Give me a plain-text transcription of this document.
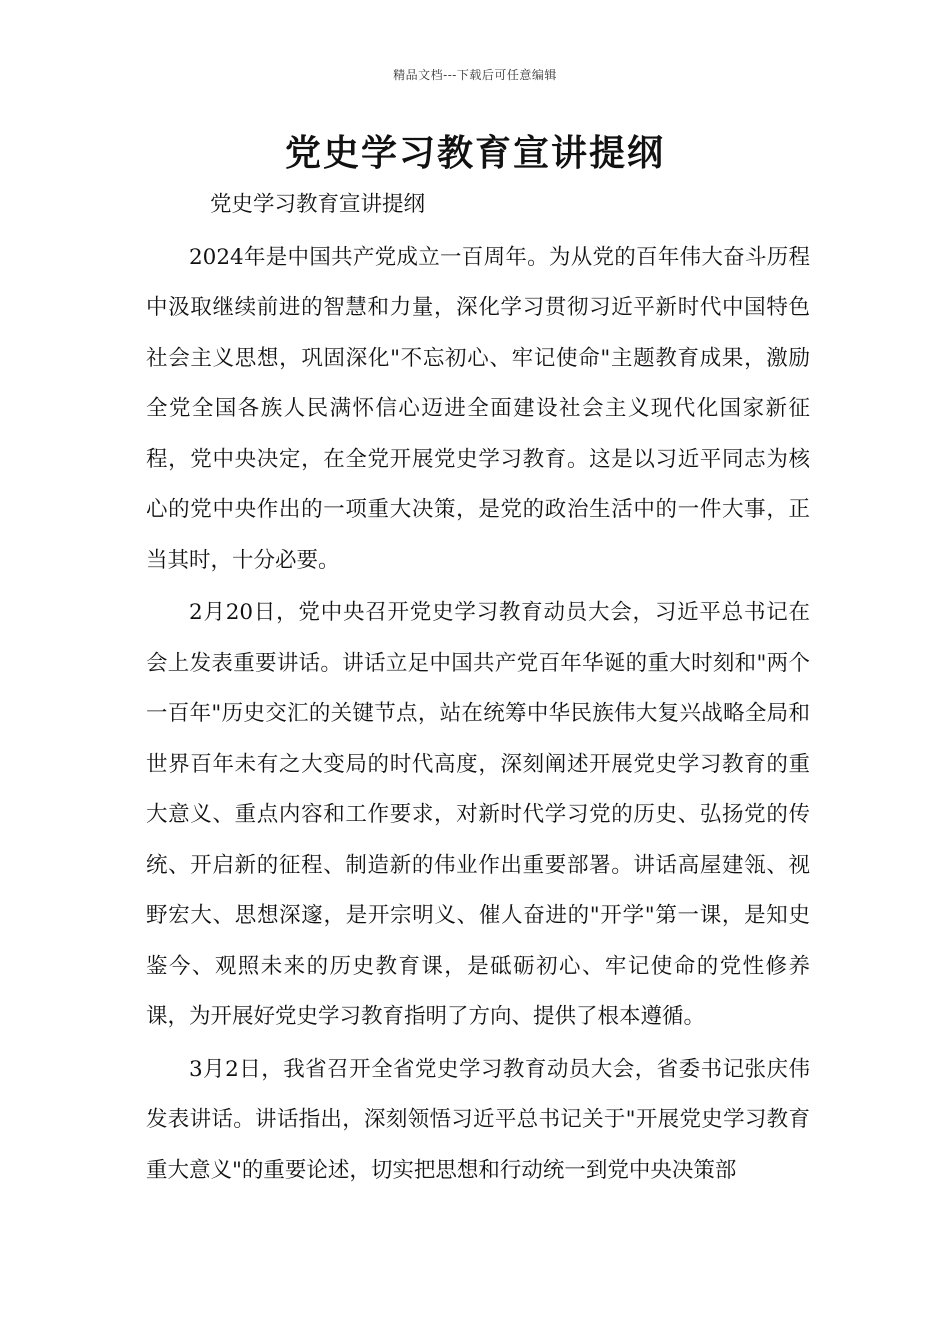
精品文档---下载后可任意编辑
党史学习教育宣讲提纲

党史学习教育宣讲提纲

2024年是中国共产党成立一百周年。为从党的百年伟大奋斗历程中汲取继续前进的智慧和力量，深化学习贯彻习近平新时代中国特色社会主义思想，巩固深化"不忘初心、牢记使命"主题教育成果，激励全党全国各族人民满怀信心迈进全面建设社会主义现代化国家新征程，党中央决定，在全党开展党史学习教育。这是以习近平同志为核心的党中央作出的一项重大决策，是党的政治生活中的一件大事，正当其时，十分必要。

2月20日，党中央召开党史学习教育动员大会，习近平总书记在会上发表重要讲话。讲话立足中国共产党百年华诞的重大时刻和"两个一百年"历史交汇的关键节点，站在统筹中华民族伟大复兴战略全局和世界百年未有之大变局的时代高度，深刻阐述开展党史学习教育的重大意义、重点内容和工作要求，对新时代学习党的历史、弘扬党的传统、开启新的征程、制造新的伟业作出重要部署。讲话高屋建瓴、视野宏大、思想深邃，是开宗明义、催人奋进的"开学"第一课，是知史鉴今、观照未来的历史教育课，是砥砺初心、牢记使命的党性修养课，为开展好党史学习教育指明了方向、提供了根本遵循。

3月2日，我省召开全省党史学习教育动员大会，省委书记张庆伟发表讲话。讲话指出，深刻领悟习近平总书记关于"开展党史学习教育重大意义"的重要论述，切实把思想和行动统一到党中央决策部
